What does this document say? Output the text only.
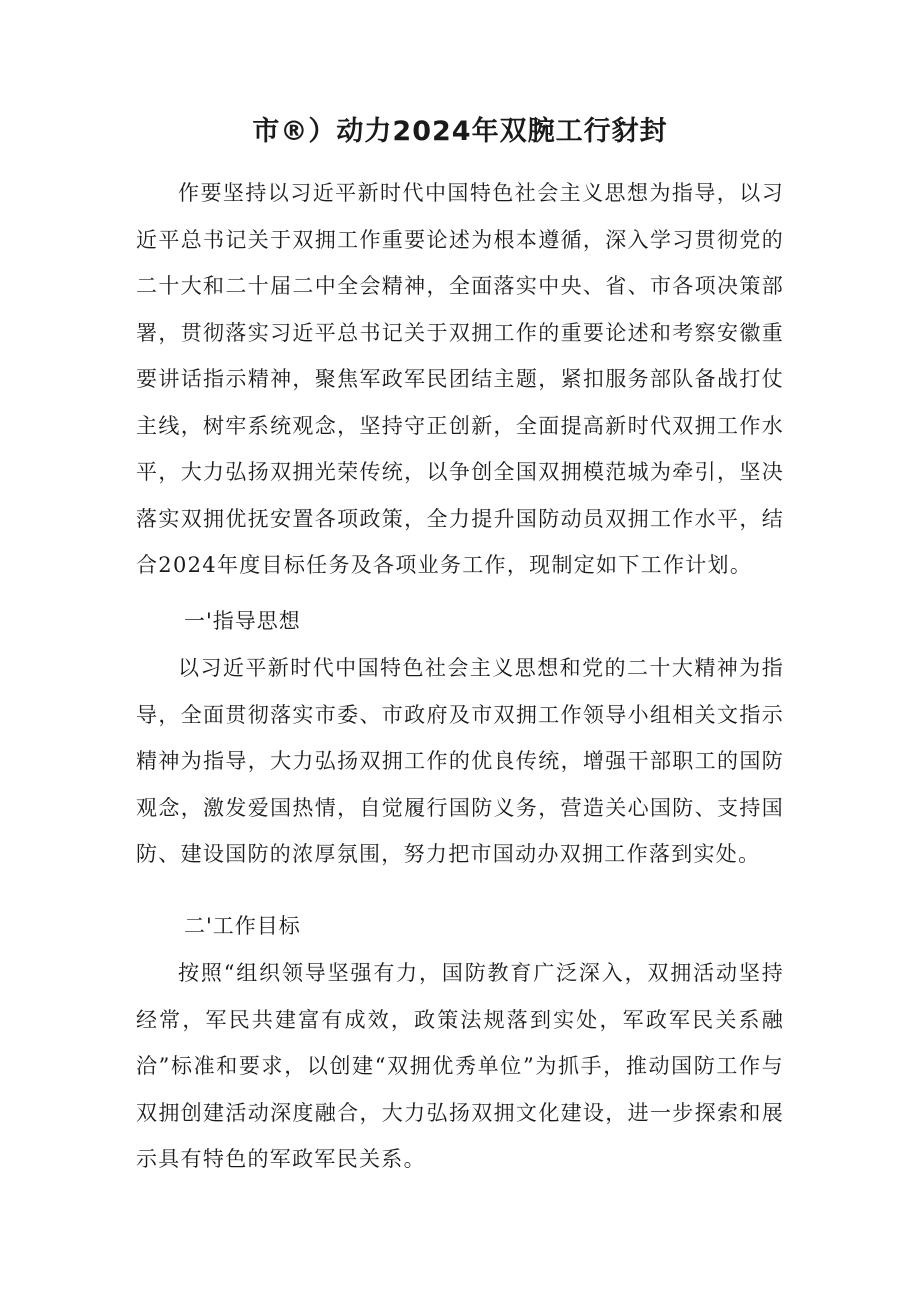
市®）动力2024年双腕工行豺封

作要坚持以习近平新时代中国特色社会主义思想为指导，以习近平总书记关于双拥工作重要论述为根本遵循，深入学习贯彻党的二十大和二十届二中全会精神，全面落实中央、省、市各项决策部署，贯彻落实习近平总书记关于双拥工作的重要论述和考察安徽重要讲话指示精神，聚焦军政军民团结主题，紧扣服务部队备战打仗主线，树牢系统观念，坚持守正创新，全面提高新时代双拥工作水平，大力弘扬双拥光荣传统，以争创全国双拥模范城为牵引，坚决落实双拥优抚安置各项政策，全力提升国防动员双拥工作水平，结合2024年度目标任务及各项业务工作，现制定如下工作计划。

一'指导思想

以习近平新时代中国特色社会主义思想和党的二十大精神为指导，全面贯彻落实市委、市政府及市双拥工作领导小组相关文指示精神为指导，大力弘扬双拥工作的优良传统，增强干部职工的国防观念，激发爱国热情，自觉履行国防义务，营造关心国防、支持国防、建设国防的浓厚氛围，努力把市国动办双拥工作落到实处。

二'工作目标

按照“组织领导坚强有力，国防教育广泛深入，双拥活动坚持经常，军民共建富有成效，政策法规落到实处，军政军民关系融洽”标准和要求，以创建“双拥优秀单位”为抓手，推动国防工作与双拥创建活动深度融合，大力弘扬双拥文化建设，进一步探索和展示具有特色的军政军民关系。
